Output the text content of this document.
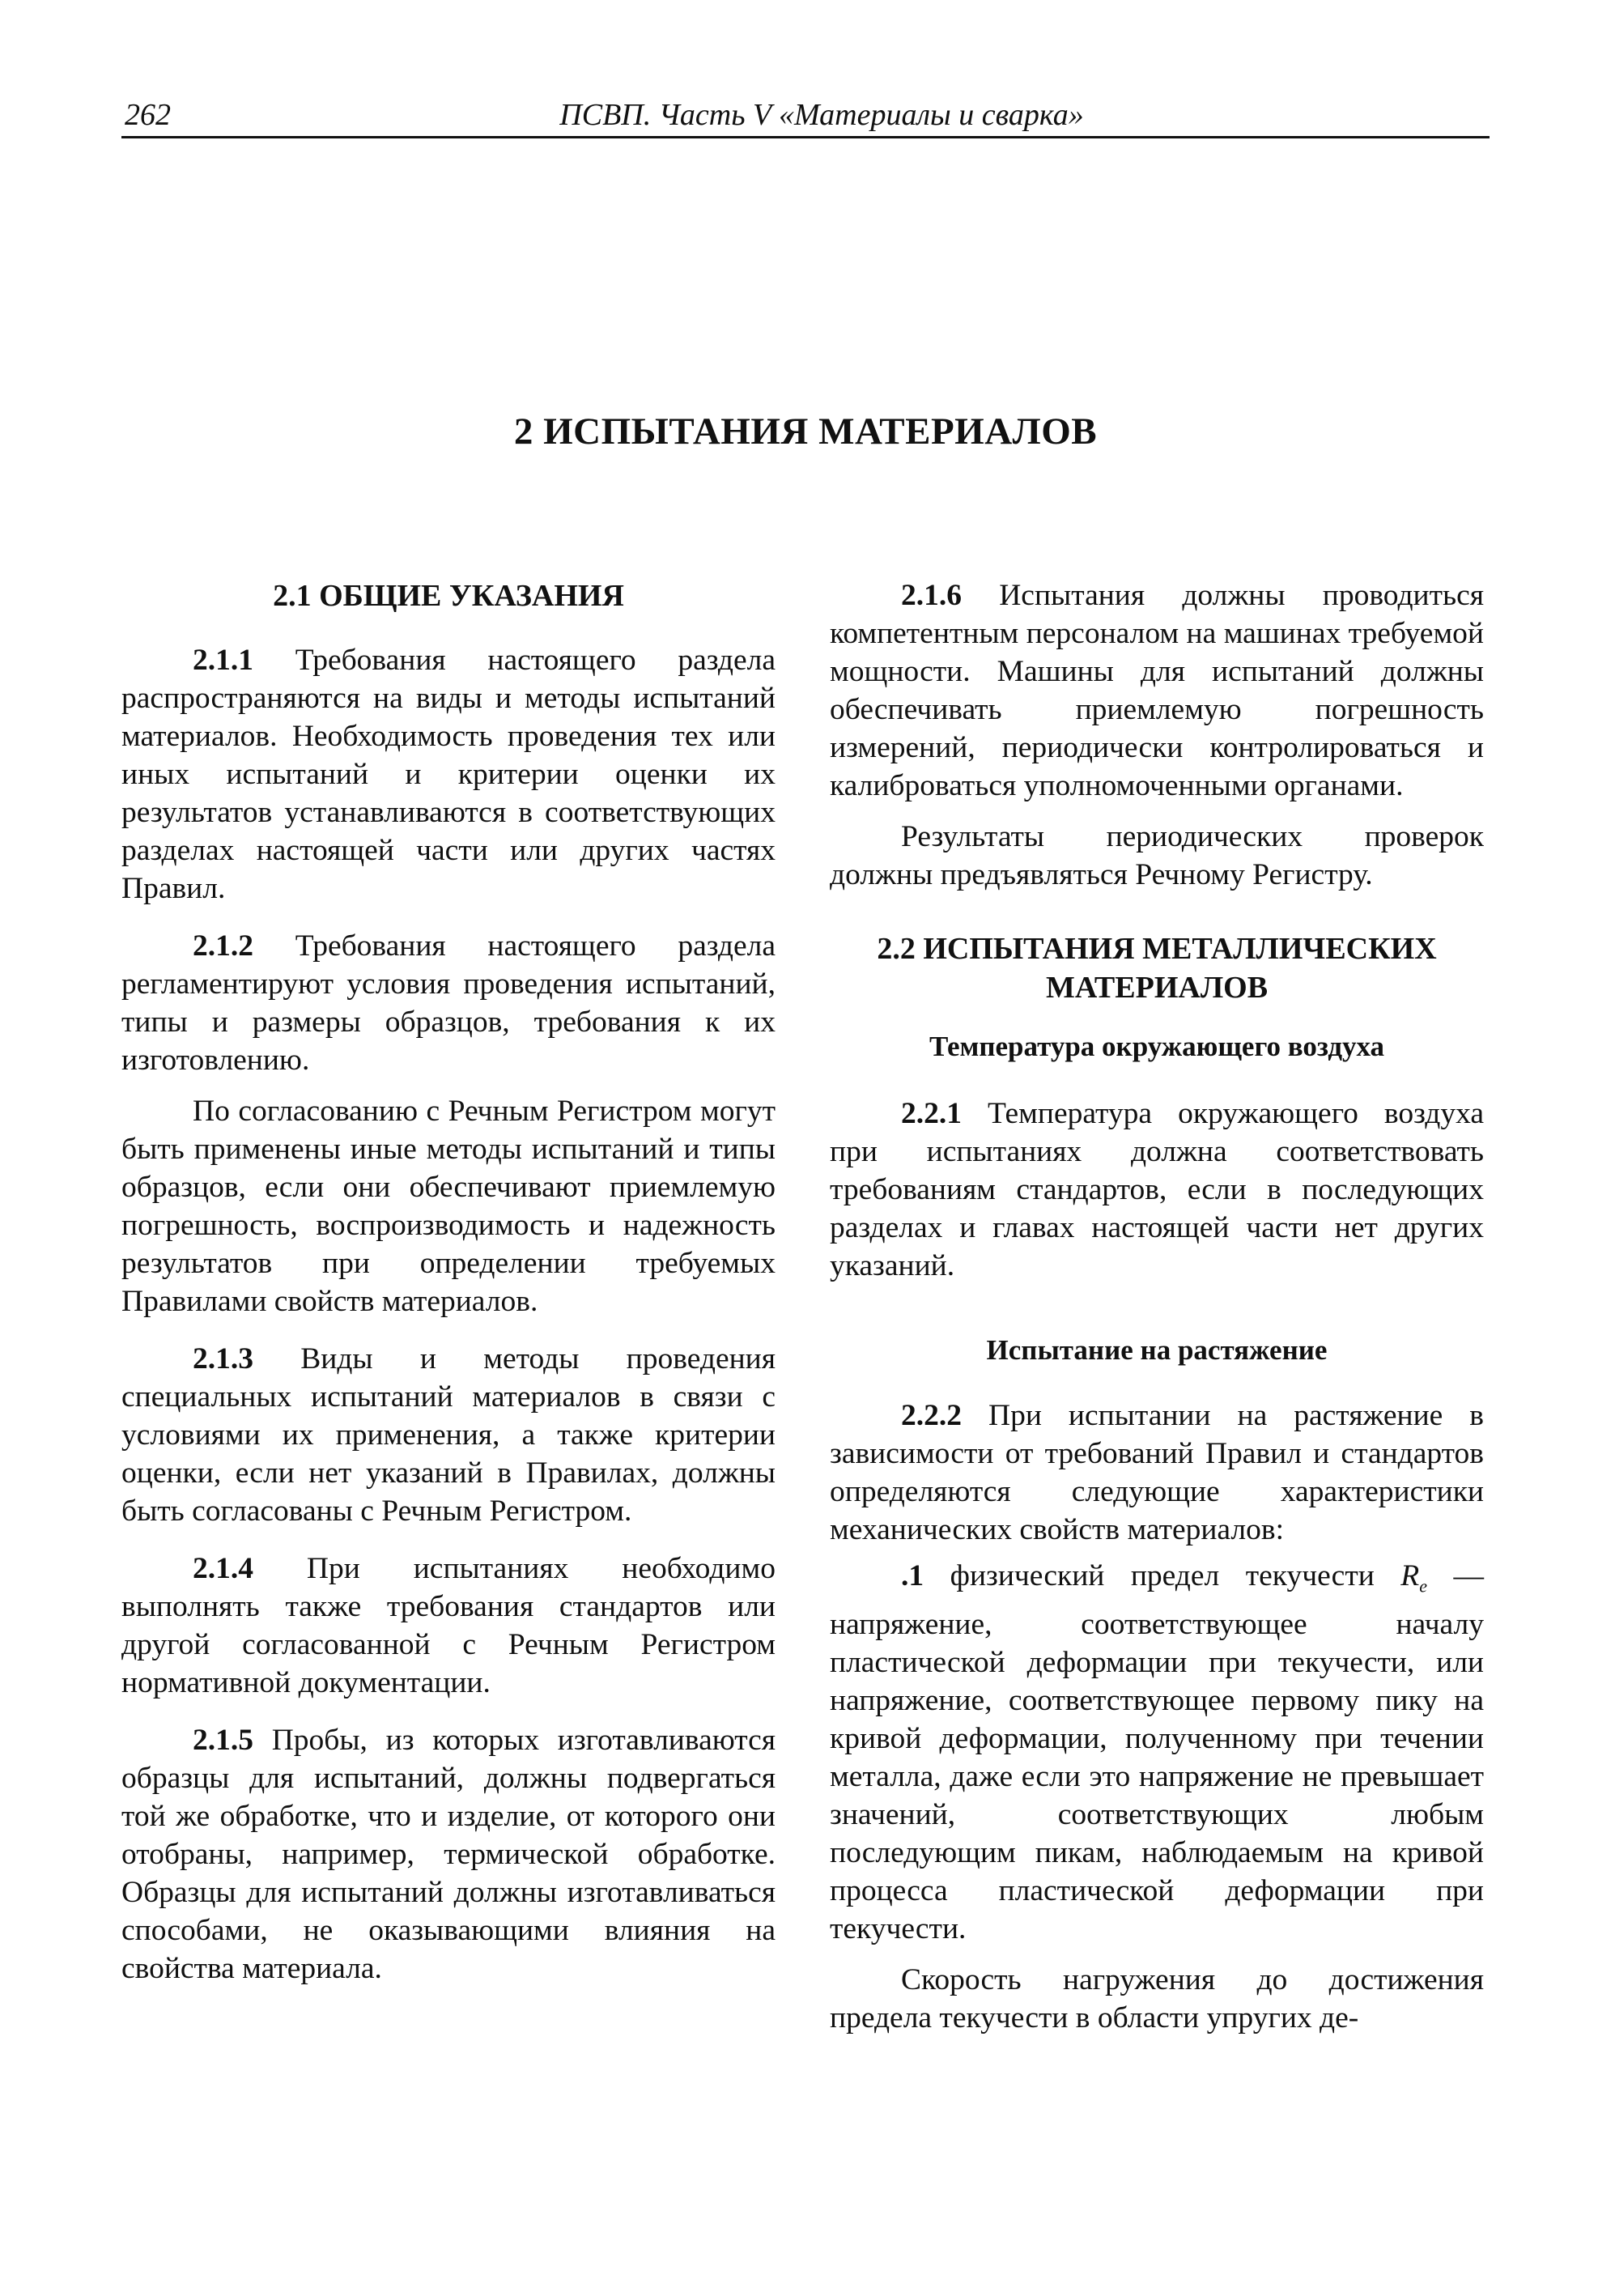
262	ПСВП. Часть V «Материалы и сварка»
2 ИСПЫТАНИЯ МАТЕРИАЛОВ
2.1 ОБЩИЕ УКАЗАНИЯ

2.1.1 Требования настоящего раздела распространяются на виды и методы испытаний материалов. Необходимость проведения тех или иных испытаний и критерии оценки их результатов устанавливаются в соответствующих разделах настоящей части или других частях Правил.

2.1.2 Требования настоящего раздела регламентируют условия проведения испытаний, типы и размеры образцов, требования к их изготовлению.

По согласованию с Речным Регистром могут быть применены иные методы испытаний и типы образцов, если они обеспечивают приемлемую погрешность, воспроизводимость и надежность результатов при определении требуемых Правилами свойств материалов.

2.1.3 Виды и методы проведения специальных испытаний материалов в связи с условиями их применения, а также критерии оценки, если нет указаний в Правилах, должны быть согласованы с Речным Регистром.

2.1.4 При испытаниях необходимо выполнять также требования стандартов или другой согласованной с Речным Регистром нормативной документации.

2.1.5 Пробы, из которых изготавливаются образцы для испытаний, должны подвергаться той же обработке, что и изделие, от которого они отобраны, например, термической обработке. Образцы для испытаний должны изготавливаться способами, не оказывающими влияния на свойства материала.

2.1.6 Испытания должны проводиться компетентным персоналом на машинах требуемой мощности. Машины для испытаний должны обеспечивать приемлемую погрешность измерений, периодически контролироваться и калиброваться уполномоченными органами.

Результаты периодических проверок должны предъявляться Речному Регистру.

2.2 ИСПЫТАНИЯ МЕТАЛЛИЧЕСКИХ
МАТЕРИАЛОВ
Температура окружающего воздуха

2.2.1 Температура окружающего воздуха при испытаниях должна соответствовать требованиям стандартов, если в последующих разделах и главах настоящей части нет других указаний.

Испытание на растяжение

2.2.2 При испытании на растяжение в зависимости от требований Правил и стандартов определяются следующие характеристики механических свойств материалов:

.1 физический предел текучести $R_e$ — напряжение, соответствующее началу пластической деформации при текучести, или напряжение, соответствующее первому пику на кривой деформации, полученному при течении металла, даже если это напряжение не превышает значений, соответствующих любым последующим пикам, наблюдаемым на кривой процесса пластической деформации при текучести.

Скорость нагружения до достижения предела текучести в области упругих де-
